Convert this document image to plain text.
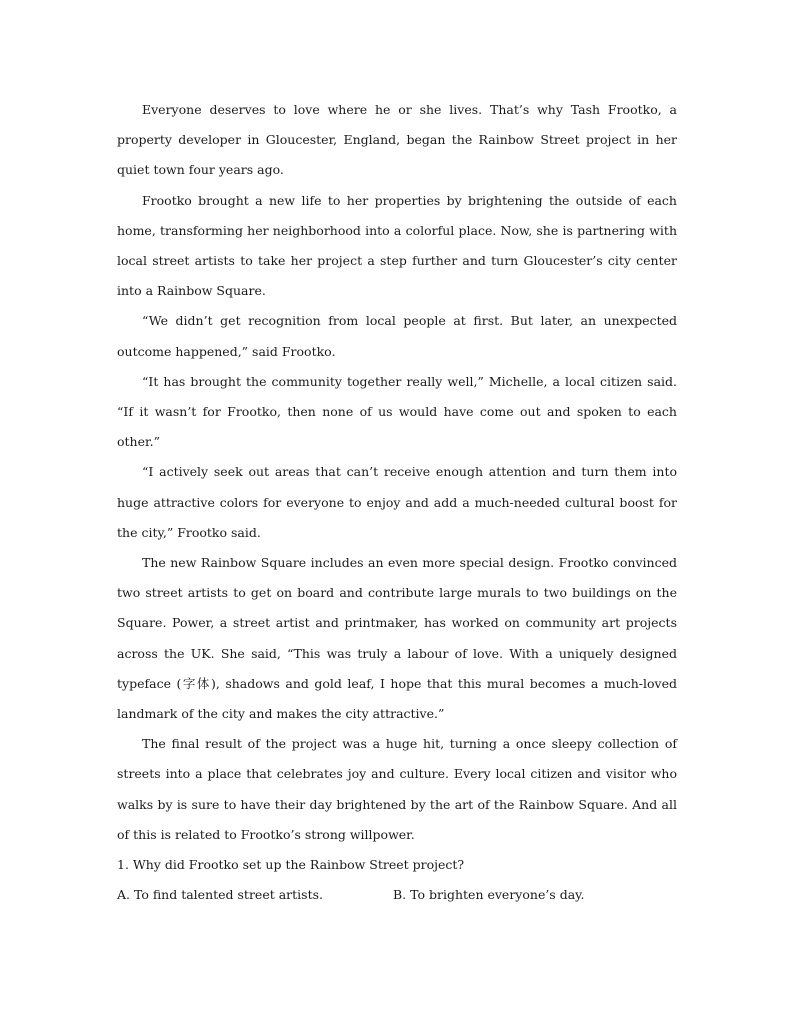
Everyone deserves to love where he or she lives. That’s why Tash Frootko, a property developer in Gloucester, England, began the Rainbow Street project in her quiet town four years ago.

Frootko brought a new life to her properties by brightening the outside of each home, transforming her neighborhood into a colorful place. Now, she is partnering with local street artists to take her project a step further and turn Gloucester’s city center into a Rainbow Square.

“We didn’t get recognition from local people at first. But later, an unexpected outcome happened,” said Frootko.

“It has brought the community together really well,” Michelle, a local citizen said. “If it wasn’t for Frootko, then none of us would have come out and spoken to each other.”

“I actively seek out areas that can’t receive enough attention and turn them into huge attractive colors for everyone to enjoy and add a much-needed cultural boost for the city,” Frootko said.

The new Rainbow Square includes an even more special design. Frootko convinced two street artists to get on board and contribute large murals to two buildings on the Square. Power, a street artist and printmaker, has worked on community art projects across the UK. She said, “This was truly a labour of love. With a uniquely designed typeface (字体), shadows and gold leaf, I hope that this mural becomes a much-loved landmark of the city and makes the city attractive.”

The final result of the project was a huge hit, turning a once sleepy collection of streets into a place that celebrates joy and culture. Every local citizen and visitor who walks by is sure to have their day brightened by the art of the Rainbow Square. And all of this is related to Frootko’s strong willpower.

1. Why did Frootko set up the Rainbow Street project?

A. To find talented street artists.	B. To brighten everyone’s day.
